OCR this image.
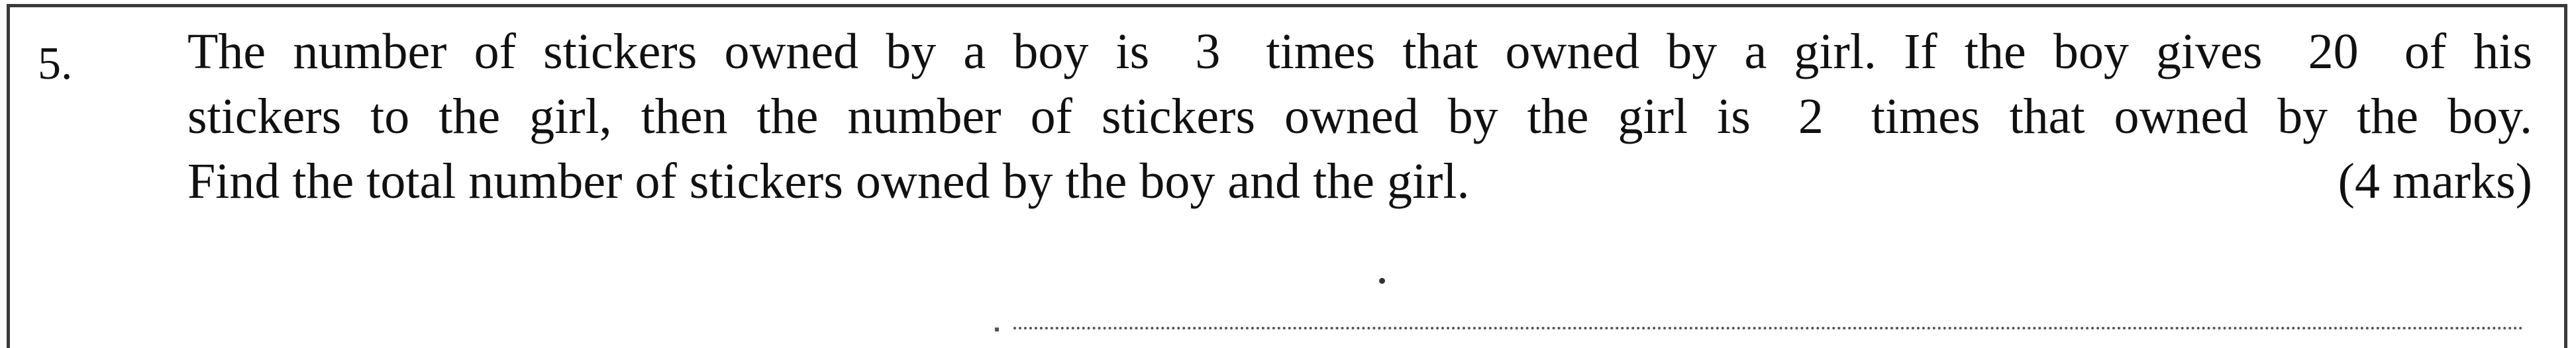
5. The number of stickers owned by a boy is 3 times that owned by a girl. If the boy gives 20 of his
stickers to the girl, then the number of stickers owned by the girl is 2 times that owned by the boy.
Find the total number of stickers owned by the boy and the girl.	(4 marks)
